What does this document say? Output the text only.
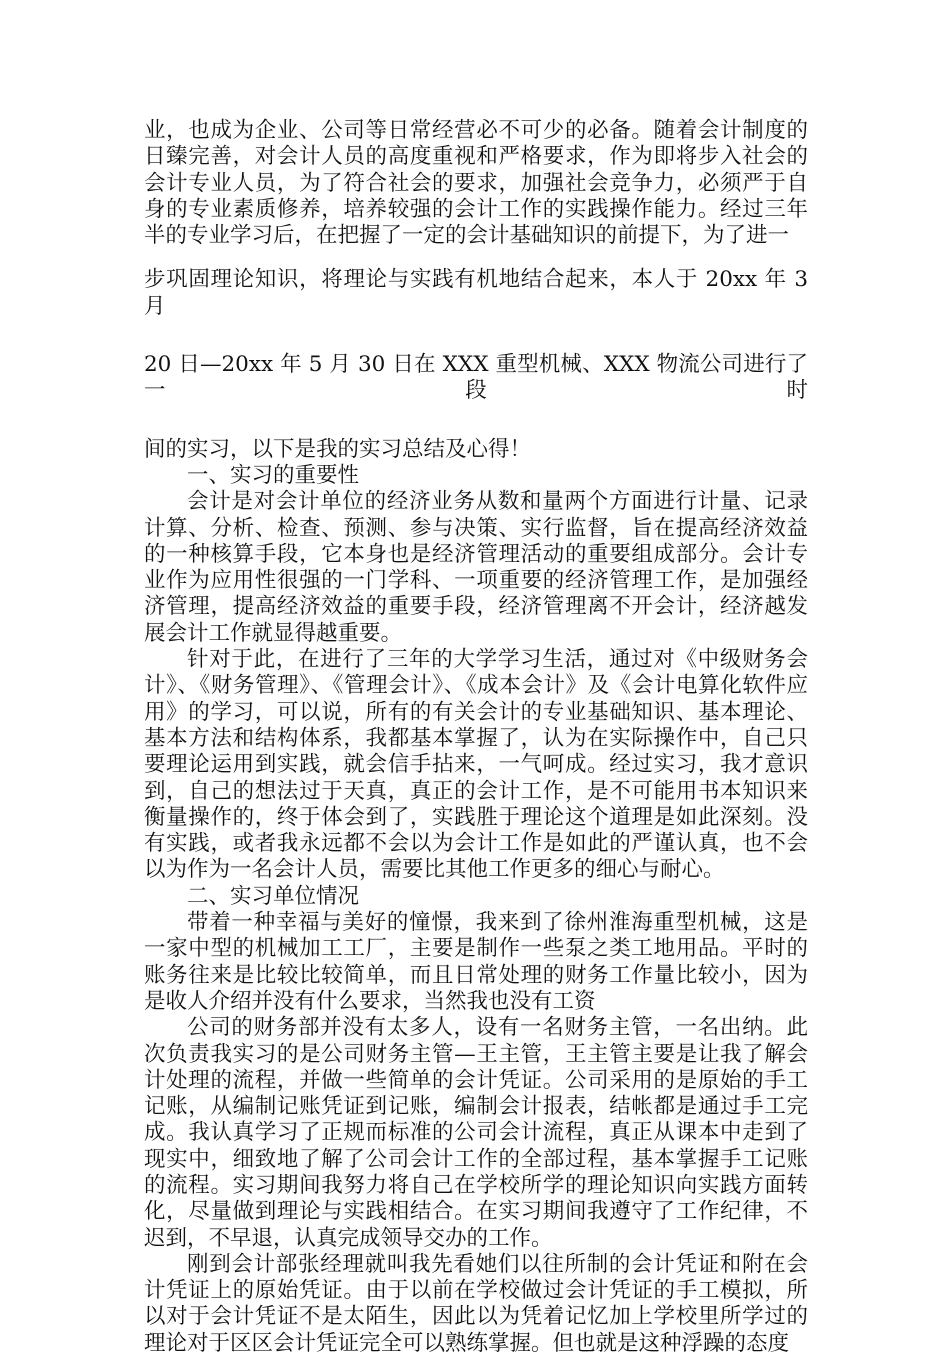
业，也成为企业、公司等日常经营必不可少的必备。随着会计制度的日臻完善，对会计人员的高度重视和严格要求，作为即将步入社会的会计专业人员，为了符合社会的要求，加强社会竞争力，必须严于自身的专业素质修养，培养较强的会计工作的实践操作能力。经过三年半的专业学习后，在把握了一定的会计基础知识的前提下，为了进一

步巩固理论知识，将理论与实践有机地结合起来，本人于 20xx 年 3 月

20 日—20xx 年 5 月 30 日在 XXX 重型机械、XXX 物流公司进行了一段时

间的实习，以下是我的实习总结及心得！

一、实习的重要性

会计是对会计单位的经济业务从数和量两个方面进行计量、记录计算、分析、检查、预测、参与决策、实行监督，旨在提高经济效益的一种核算手段，它本身也是经济管理活动的重要组成部分。会计专业作为应用性很强的一门学科、一项重要的经济管理工作，是加强经济管理，提高经济效益的重要手段，经济管理离不开会计，经济越发展会计工作就显得越重要。

针对于此，在进行了三年的大学学习生活，通过对《中级财务会计》、《财务管理》、《管理会计》、《成本会计》及《会计电算化软件应用》的学习，可以说，所有的有关会计的专业基础知识、基本理论、基本方法和结构体系，我都基本掌握了，认为在实际操作中，自己只要理论运用到实践，就会信手拈来，一气呵成。经过实习，我才意识到，自己的想法过于天真，真正的会计工作，是不可能用书本知识来衡量操作的，终于体会到了，实践胜于理论这个道理是如此深刻。没有实践，或者我永远都不会以为会计工作是如此的严谨认真，也不会以为作为一名会计人员，需要比其他工作更多的细心与耐心。

二、实习单位情况

带着一种幸福与美好的憧憬，我来到了徐州淮海重型机械，这是一家中型的机械加工工厂，主要是制作一些泵之类工地用品。平时的账务往来是比较比较简单，而且日常处理的财务工作量比较小，因为是收人介绍并没有什么要求，当然我也没有工资

公司的财务部并没有太多人，设有一名财务主管，一名出纳。此次负责我实习的是公司财务主管—王主管，王主管主要是让我了解会计处理的流程，并做一些简单的会计凭证。公司采用的是原始的手工记账，从编制记账凭证到记账，编制会计报表，结帐都是通过手工完成。我认真学习了正规而标准的公司会计流程，真正从课本中走到了现实中，细致地了解了公司会计工作的全部过程，基本掌握手工记账的流程。实习期间我努力将自己在学校所学的理论知识向实践方面转化，尽量做到理论与实践相结合。在实习期间我遵守了工作纪律，不迟到，不早退，认真完成领导交办的工作。

刚到会计部张经理就叫我先看她们以往所制的会计凭证和附在会计凭证上的原始凭证。由于以前在学校做过会计凭证的手工模拟，所以对于会计凭证不是太陌生，因此以为凭着记忆加上学校里所学过的理论对于区区会计凭证完全可以熟练掌握。但也就是这种浮躁的态度
